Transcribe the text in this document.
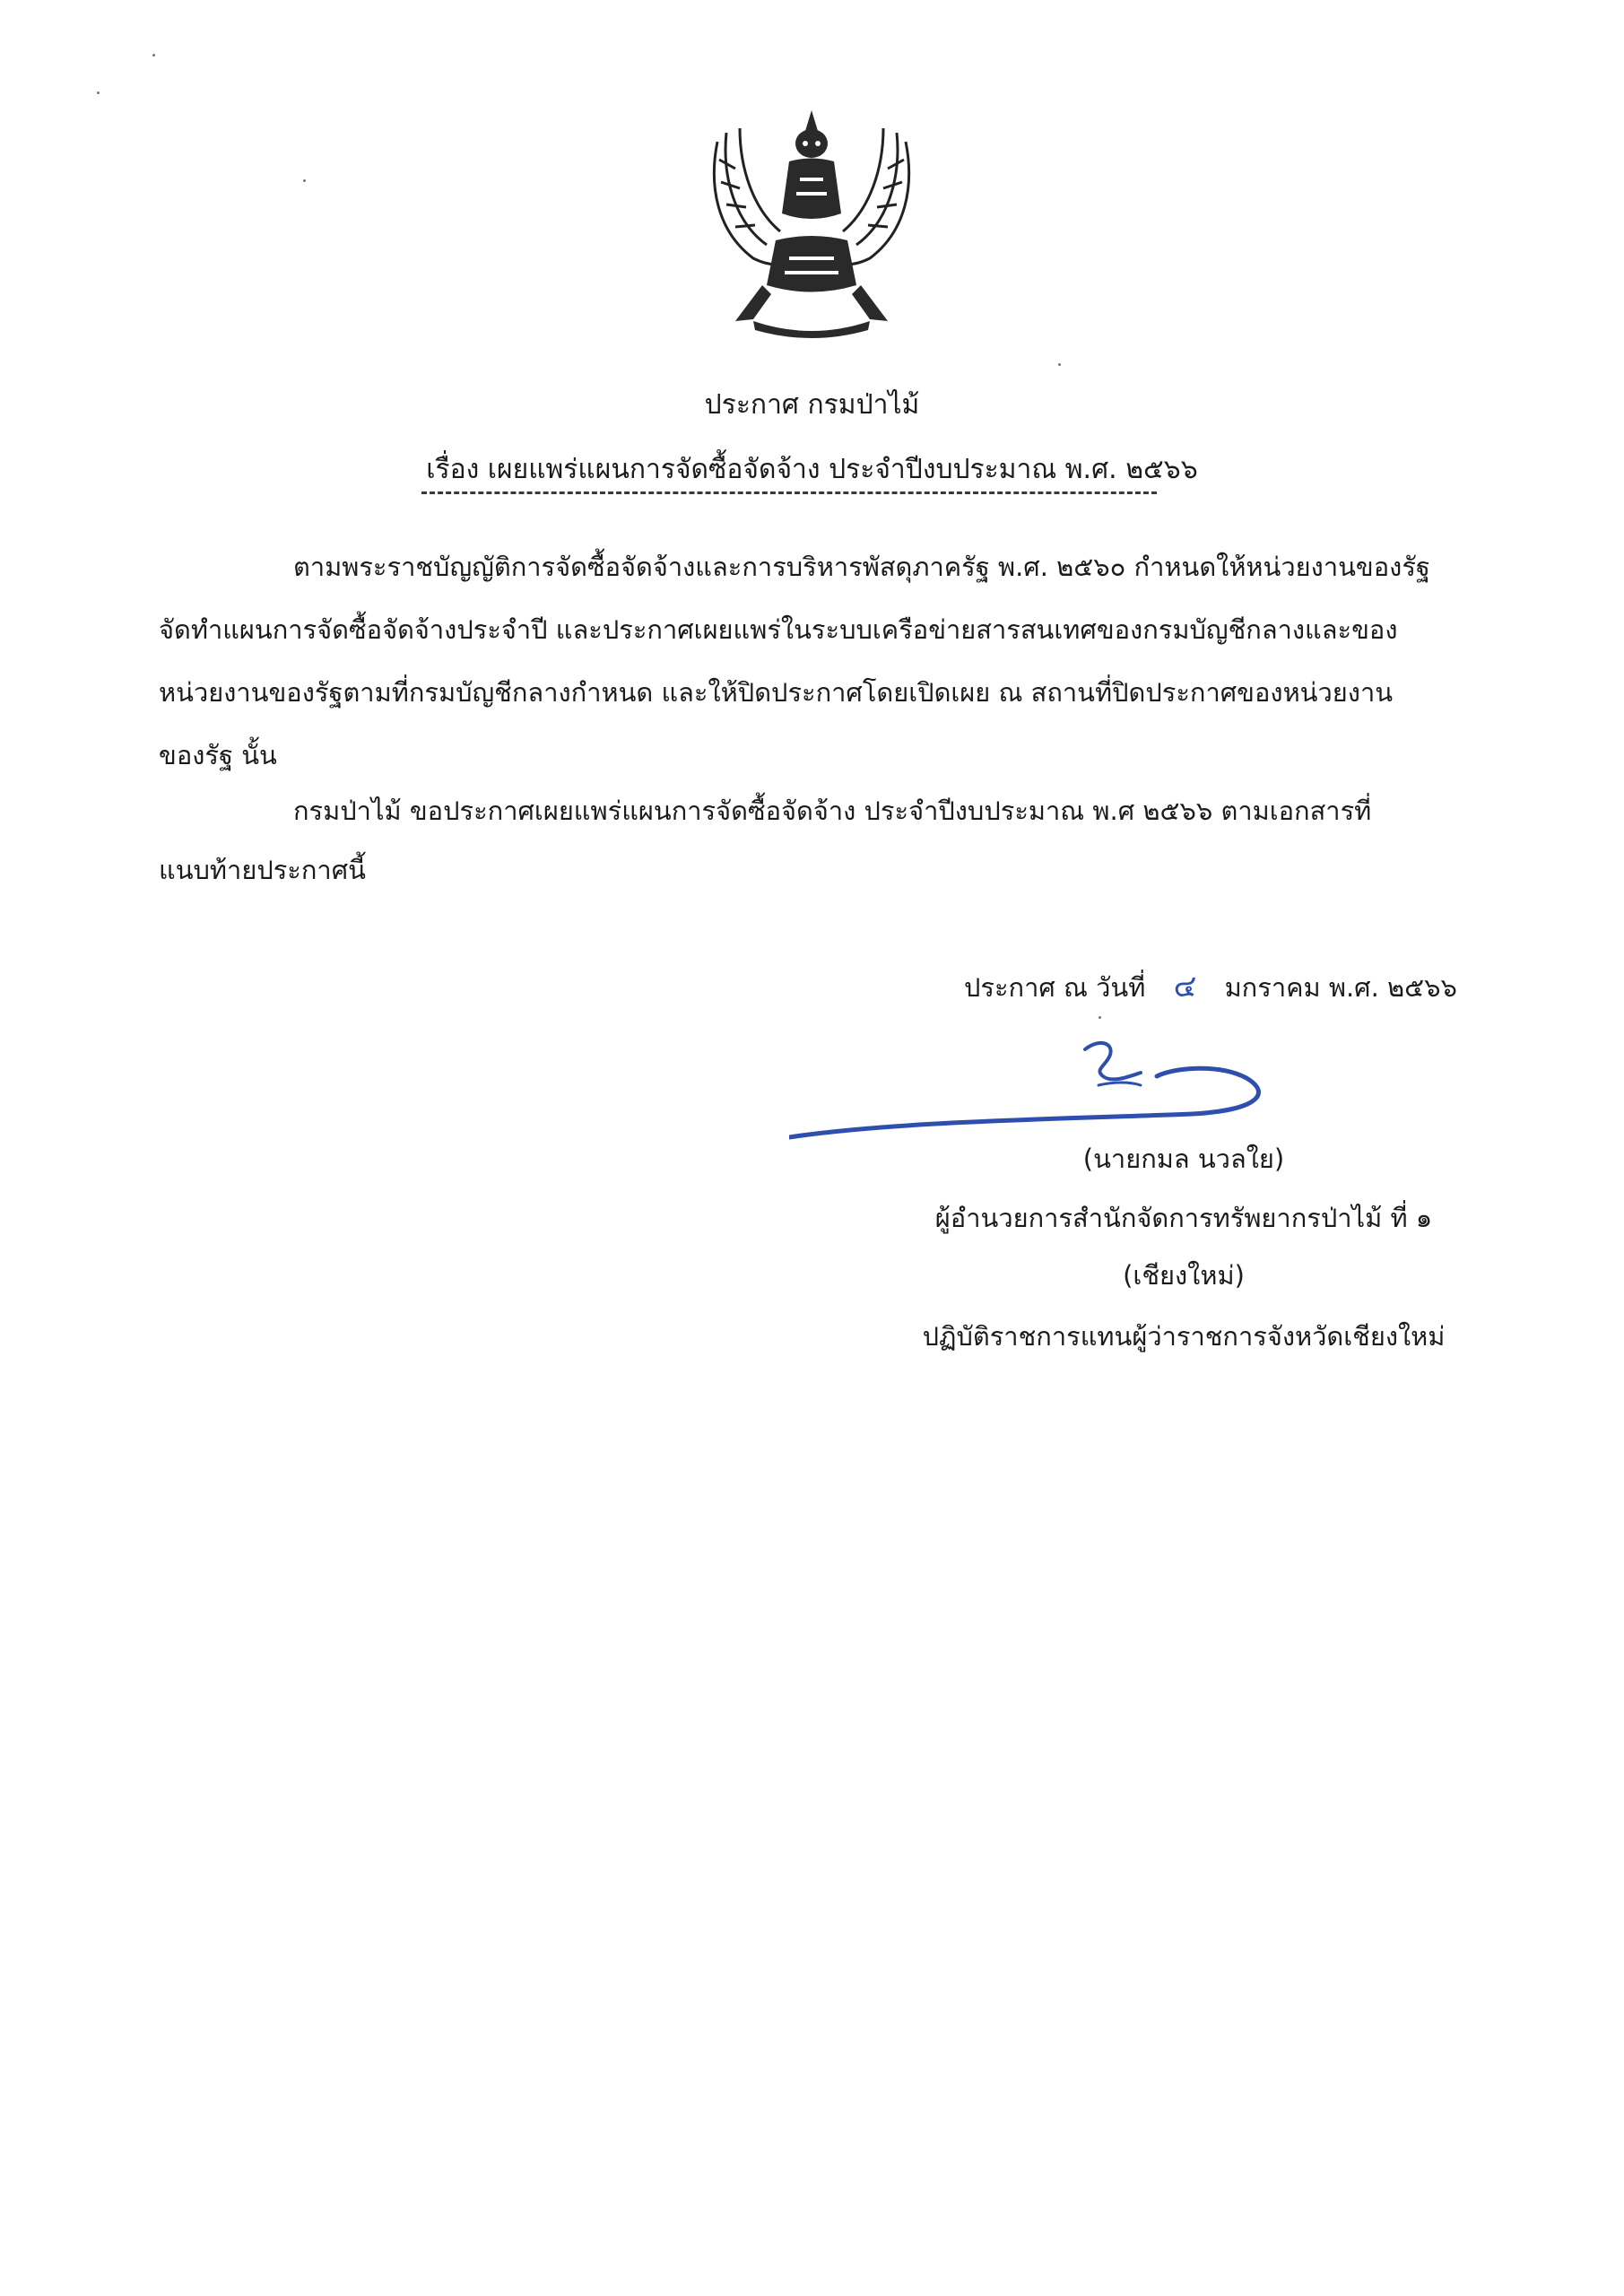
ประกาศ กรมป่าไม้
เรื่อง เผยแพร่แผนการจัดซื้อจัดจ้าง ประจำปีงบประมาณ พ.ศ. ๒๕๖๖
ตามพระราชบัญญัติการจัดซื้อจัดจ้างและการบริหารพัสดุภาครัฐ พ.ศ. ๒๕๖๐ กำหนดให้หน่วยงานของรัฐ
จัดทำแผนการจัดซื้อจัดจ้างประจำปี และประกาศเผยแพร่ในระบบเครือข่ายสารสนเทศของกรมบัญชีกลางและของ
หน่วยงานของรัฐตามที่กรมบัญชีกลางกำหนด และให้ปิดประกาศโดยเปิดเผย ณ สถานที่ปิดประกาศของหน่วยงาน
ของรัฐ นั้น
กรมป่าไม้ ขอประกาศเผยแพร่แผนการจัดซื้อจัดจ้าง ประจำปีงบประมาณ พ.ศ ๒๕๖๖ ตามเอกสารที่
แนบท้ายประกาศนี้
ประกาศ ณ วันที่ ๔ มกราคม พ.ศ. ๒๕๖๖
(นายกมล นวลใย)
ผู้อำนวยการสำนักจัดการทรัพยากรป่าไม้ ที่ ๑
(เชียงใหม่)
ปฏิบัติราชการแทนผู้ว่าราชการจังหวัดเชียงใหม่
